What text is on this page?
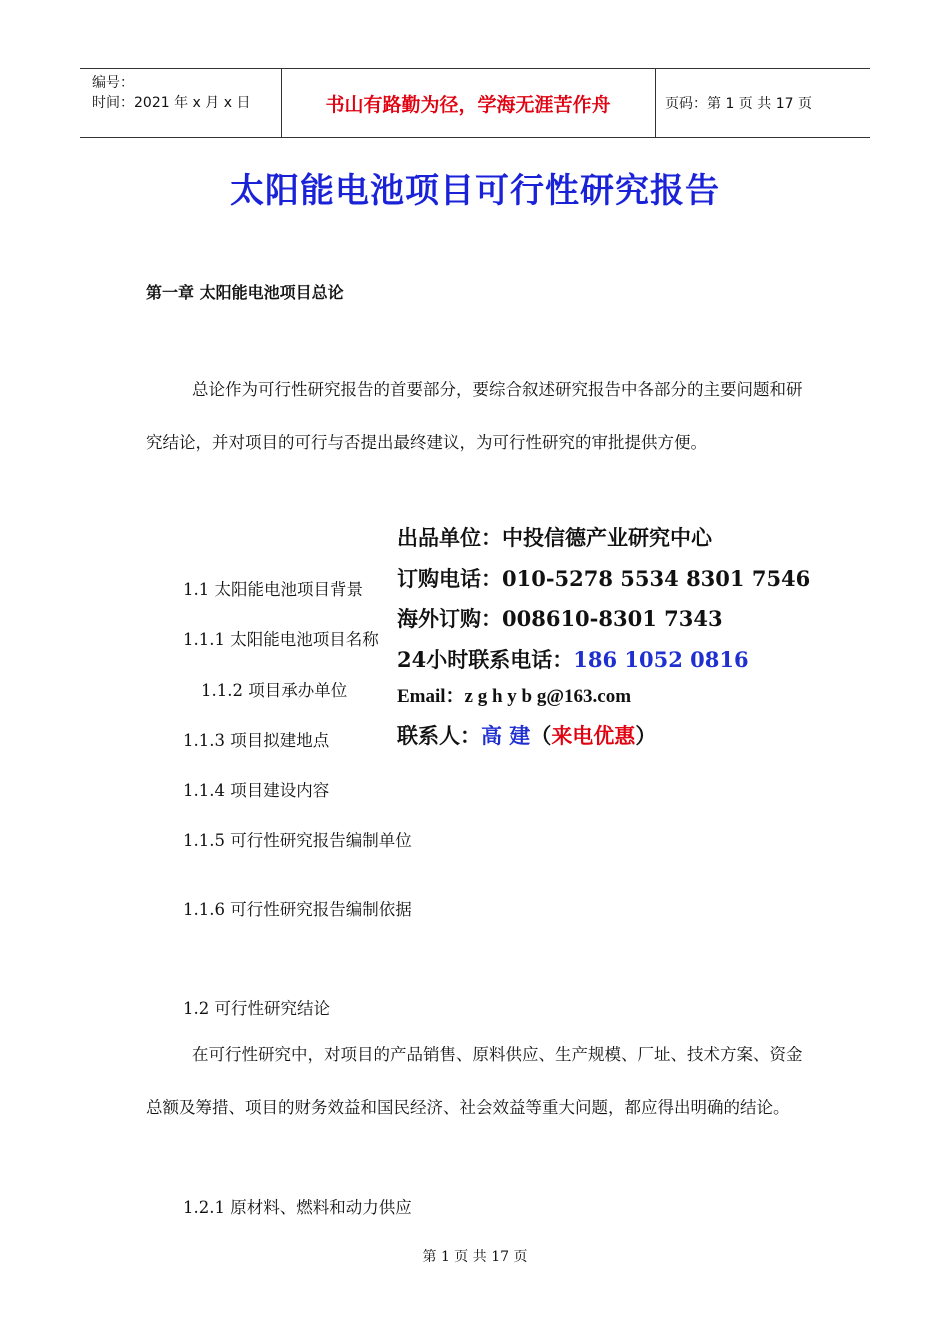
编号：
时间：2021 年 x 月 x 日	书山有路勤为径，学海无涯苦作舟	页码：第 1 页 共 17 页
太阳能电池项目可行性研究报告
第一章 太阳能电池项目总论
总论作为可行性研究报告的首要部分，要综合叙述研究报告中各部分的主要问题和研究结论，并对项目的可行与否提出最终建议，为可行性研究的审批提供方便。
1.1 太阳能电池项目背景
1.1.1 太阳能电池项目名称
1.1.2 项目承办单位
1.1.3 项目拟建地点
1.1.4 项目建设内容
1.1.5 可行性研究报告编制单位
1.1.6 可行性研究报告编制依据
1.2 可行性研究结论
在可行性研究中，对项目的产品销售、原料供应、生产规模、厂址、技术方案、资金总额及筹措、项目的财务效益和国民经济、社会效益等重大问题，都应得出明确的结论。
1.2.1 原材料、燃料和动力供应
出品单位：中投信德产业研究中心
订购电话：010-5278 5534 8301 7546
海外订购：008610-8301 7343
24小时联系电话：186 1052 0816
Email：z g h y b g@163.com
联系人：高 建（来电优惠）
第 1 页 共 17 页
